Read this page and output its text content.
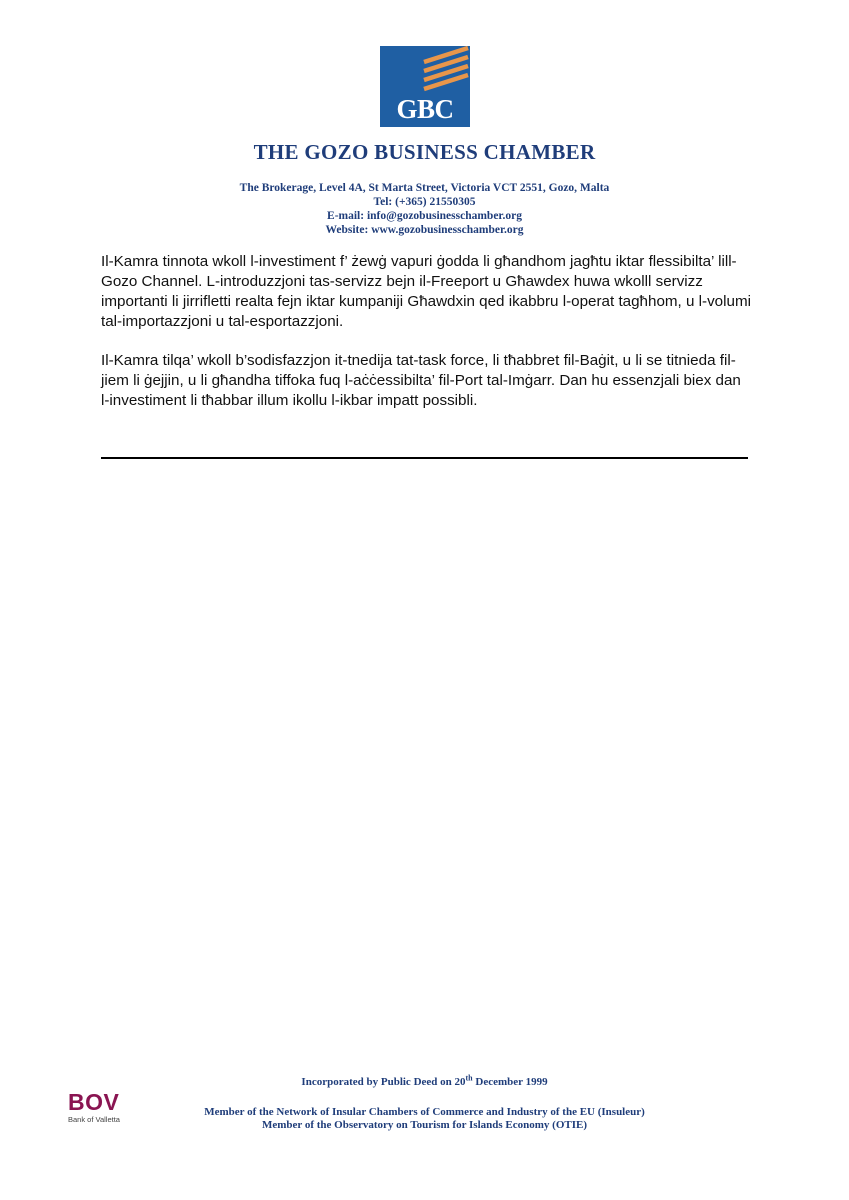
GBC
THE GOZO BUSINESS CHAMBER
The Brokerage, Level 4A, St Marta Street, Victoria VCT 2551, Gozo, Malta
Tel: (+365) 21550305
E-mail: info@gozobusinesschamber.org
Website: www.gozobusinesschamber.org

Il-Kamra tinnota wkoll l-investiment f’ żewġ vapuri ġodda li għandhom jagħtu iktar flessibilta’ lill-Gozo Channel. L-introduzzjoni tas-servizz bejn il-Freeport u Għawdex huwa wkolll servizz importanti li jirrifletti realta fejn iktar kumpaniji Għawdxin qed ikabbru l-operat tagħhom, u l-volumi tal-importazzjoni u tal-esportazzjoni.

Il-Kamra tilqa’ wkoll b’sodisfazzjon it-tnedija tat-task force, li tħabbret fil-Baġit, u li se titnieda fil-jiem li ġejjin, u li għandha tiffoka fuq l-aċċessibilta’ fil-Port tal-Imġarr. Dan hu essenzjali biex dan l-investiment li tħabbar illum ikollu l-ikbar impatt possibli.

BOV
Bank of Valletta
Incorporated by Public Deed on 20th December 1999
Member of the Network of Insular Chambers of Commerce and Industry of the EU (Insuleur)
Member of the Observatory on Tourism for Islands Economy (OTIE)
